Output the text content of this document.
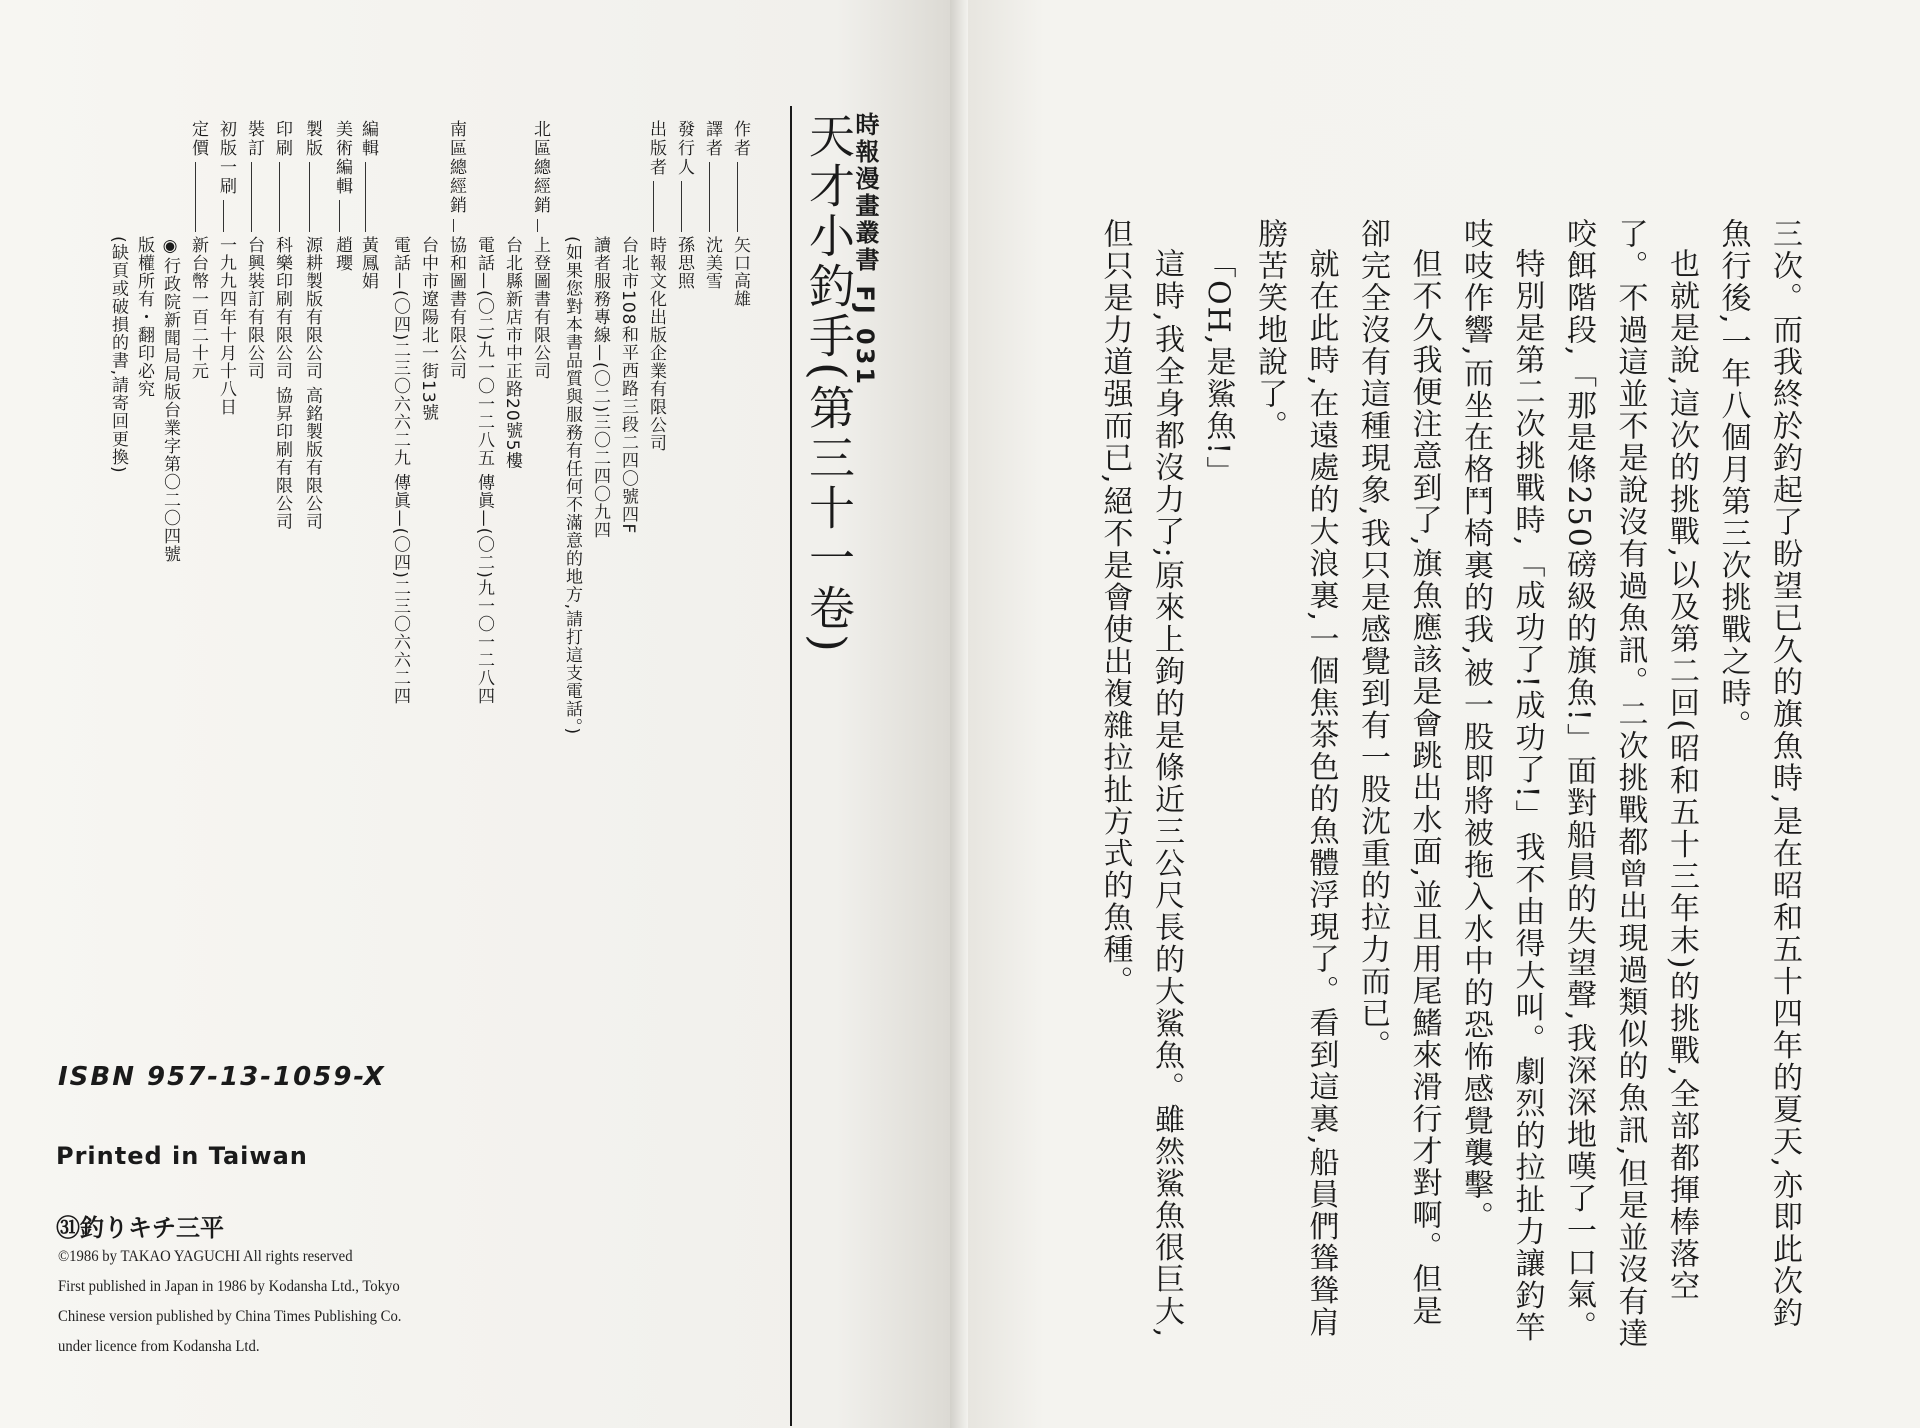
時報漫畫叢書 FJ 031
天才小釣手(第三十一卷)
ISBN 957-13-1059-X
Printed in Taiwan
㉛釣りキチ三平
©1986 by TAKAO YAGUCHI All rights reserved
First published in Japan in 1986 by Kodansha Ltd., Tokyo
Chinese version published by China Times Publishing Co.
under licence from Kodansha Ltd.
作者
矢口高雄
譯者
沈美雪
發行人
孫思照
出版者
時報文化出版企業有限公司
台北市108和平西路三段二四〇號四F
讀者服務專線—(〇二)三〇二四〇九四
(如果您對本書品質與服務有任何不滿意的地方,請打這支電話。)
北區總經銷
上登圖書有限公司
台北縣新店市中正路20號5樓
電話—(〇二)九一〇一二八五 傳眞—(〇二)九一〇一二八四
南區總經銷
協和圖書有限公司
台中市遼陽北一街13號
電話—(〇四)二三〇六六二九 傳眞—(〇四)二三〇六六二四
編輯
黃鳳娟
美術編輯
趙瓔
製版
源耕製版有限公司 高銘製版有限公司
印刷
科樂印刷有限公司 協昇印刷有限公司
裝訂
台興裝訂有限公司
初版一刷
一九九四年十月十八日
定價
新台幣一百二十元
◉行政院新聞局局版台業字第〇二〇四號
版權所有・翻印必究
(缺頁或破損的書,請寄回更換)	三次。而我終於釣起了盼望已久的旗魚時,是在昭和五十四年的夏天,亦即此次釣魚行後,一年八個月第三次挑戰之時。

也就是說,這次的挑戰,以及第二回(昭和五十三年末)的挑戰,全部都揮棒落空了。不過這並不是說沒有過魚訊。二次挑戰都曾出現過類似的魚訊,但是並沒有達咬餌階段,「那是條250磅級的旗魚!」面對船員的失望聲,我深深地嘆了一口氣。

特別是第二次挑戰時,「成功了!成功了!」我不由得大叫。劇烈的拉扯力讓釣竿吱吱作響,而坐在格鬥椅裏的我,被一股即將被拖入水中的恐怖感覺襲擊。

但不久我便注意到了,旗魚應該是會跳出水面,並且用尾鰭來滑行才對啊。但是卻完全沒有這種現象,我只是感覺到有一股沈重的拉力而已。

就在此時,在遠處的大浪裏,一個焦茶色的魚體浮現了。看到這裏,船員們聳聳肩膀苦笑地說了。

「OH,是鯊魚!」

這時,我全身都沒力了;原來上鉤的是條近三公尺長的大鯊魚。雖然鯊魚很巨大,但只是力道强而已,絕不是會使出複雜拉扯方式的魚種。
